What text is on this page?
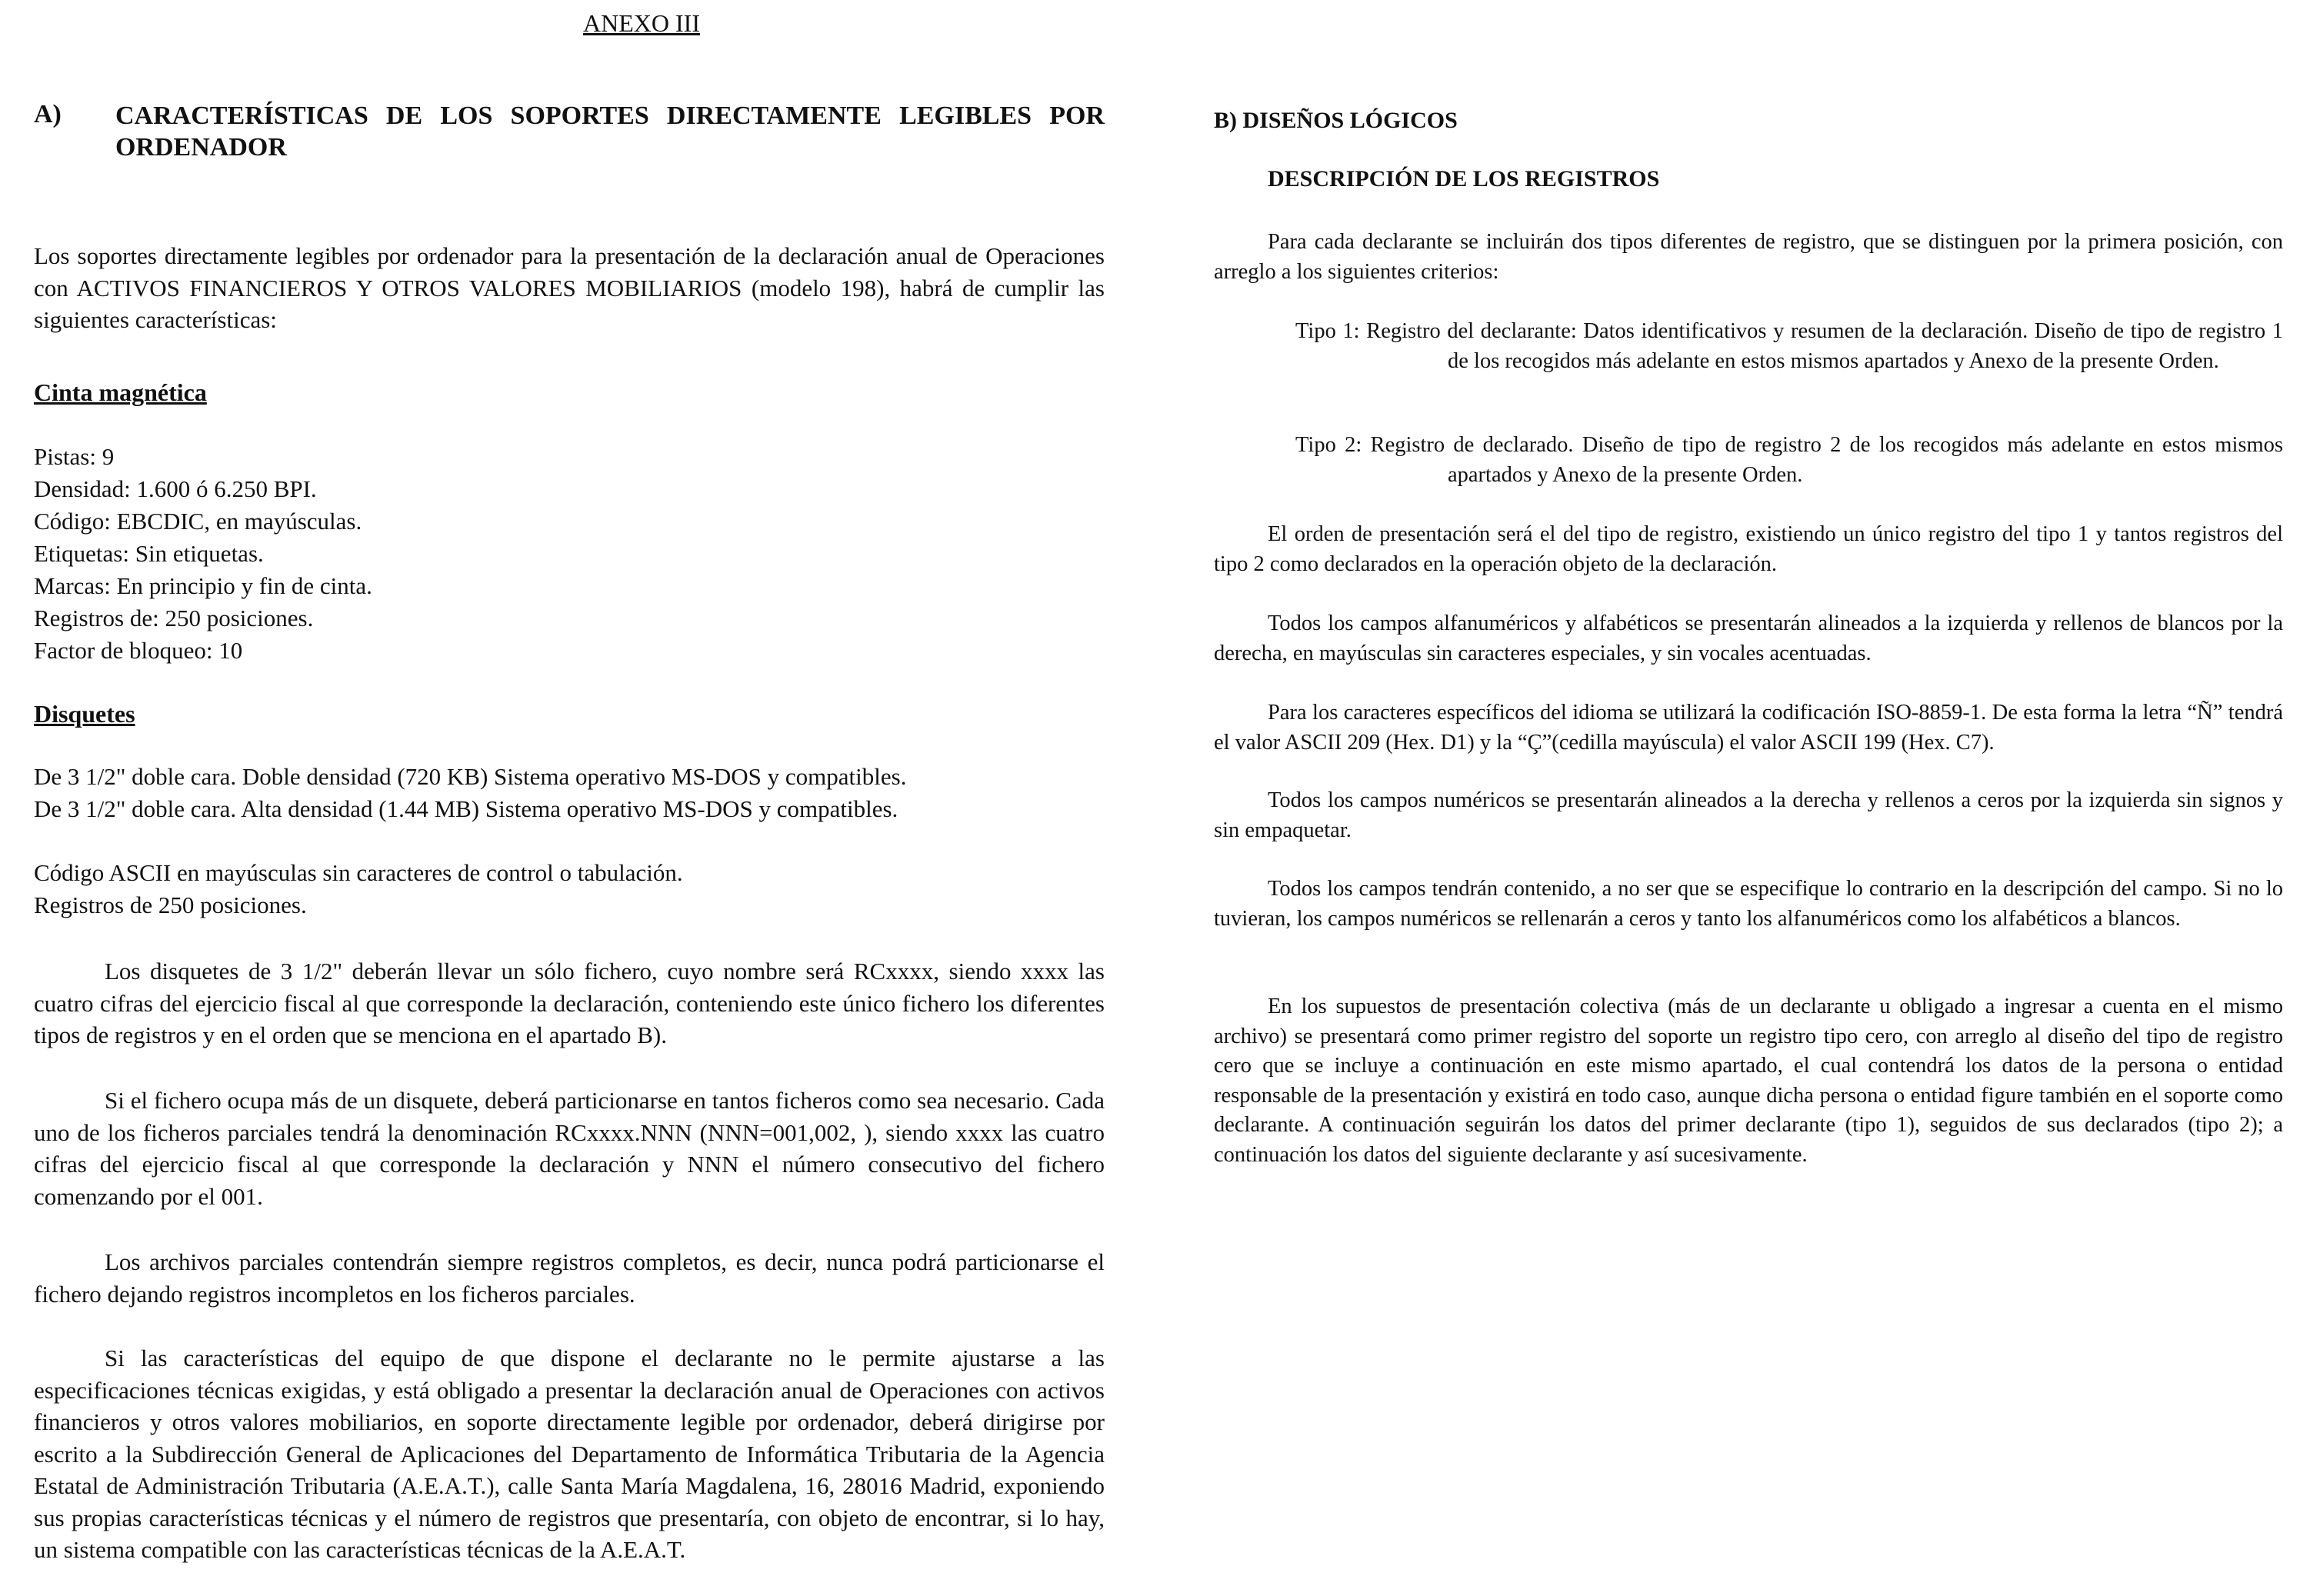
ANEXO III
A) CARACTERÍSTICAS DE LOS SOPORTES DIRECTAMENTE LEGIBLES POR ORDENADOR

Los soportes directamente legibles por ordenador para la presentación de la declaración anual de Operaciones con ACTIVOS FINANCIEROS Y OTROS VALORES MOBILIARIOS (modelo 198), habrá de cumplir las siguientes características:

Cinta magnética
Pistas: 9
Densidad: 1.600 ó 6.250 BPI.
Código: EBCDIC, en mayúsculas.
Etiquetas: Sin etiquetas.
Marcas: En principio y fin de cinta.
Registros de: 250 posiciones.
Factor de bloqueo: 10
Disquetes
De 3 1/2" doble cara. Doble densidad (720 KB) Sistema operativo MS-DOS y compatibles.
De 3 1/2" doble cara. Alta densidad (1.44 MB) Sistema operativo MS-DOS y compatibles.
Código ASCII en mayúsculas sin caracteres de control o tabulación.
Registros de 250 posiciones.

Los disquetes de 3 1/2" deberán llevar un sólo fichero, cuyo nombre será RCxxxx, siendo xxxx las cuatro cifras del ejercicio fiscal al que corresponde la declaración, conteniendo este único fichero los diferentes tipos de registros y en el orden que se menciona en el apartado B).

Si el fichero ocupa más de un disquete, deberá particionarse en tantos ficheros como sea necesario. Cada uno de los ficheros parciales tendrá la denominación RCxxxx.NNN (NNN=001,002, ), siendo xxxx las cuatro cifras del ejercicio fiscal al que corresponde la declaración y NNN el número consecutivo del fichero comenzando por el 001.

Los archivos parciales contendrán siempre registros completos, es decir, nunca podrá particionarse el fichero dejando registros incompletos en los ficheros parciales.

Si las características del equipo de que dispone el declarante no le permite ajustarse a las especificaciones técnicas exigidas, y está obligado a presentar la declaración anual de Operaciones con activos financieros y otros valores mobiliarios, en soporte directamente legible por ordenador, deberá dirigirse por escrito a la Subdirección General de Aplicaciones del Departamento de Informática Tributaria de la Agencia Estatal de Administración Tributaria (A.E.A.T.), calle Santa María Magdalena, 16, 28016 Madrid, exponiendo sus propias características técnicas y el número de registros que presentaría, con objeto de encontrar, si lo hay, un sistema compatible con las características técnicas de la A.E.A.T.

B) DISEÑOS LÓGICOS
DESCRIPCIÓN DE LOS REGISTROS

Para cada declarante se incluirán dos tipos diferentes de registro, que se distinguen por la primera posición, con arreglo a los siguientes criterios:

Tipo 1: Registro del declarante: Datos identificativos y resumen de la declaración. Diseño de tipo de registro 1 de los recogidos más adelante en estos mismos apartados y Anexo de la presente Orden.
Tipo 2: Registro de declarado. Diseño de tipo de registro 2 de los recogidos más adelante en estos mismos apartados y Anexo de la presente Orden.

El orden de presentación será el del tipo de registro, existiendo un único registro del tipo 1 y tantos registros del tipo 2 como declarados en la operación objeto de la declaración.

Todos los campos alfanuméricos y alfabéticos se presentarán alineados a la izquierda y rellenos de blancos por la derecha, en mayúsculas sin caracteres especiales, y sin vocales acentuadas.

Para los caracteres específicos del idioma se utilizará la codificación ISO-8859-1. De esta forma la letra “Ñ” tendrá el valor ASCII 209 (Hex. D1) y la “Ç”(cedilla mayúscula) el valor ASCII 199 (Hex. C7).

Todos los campos numéricos se presentarán alineados a la derecha y rellenos a ceros por la izquierda sin signos y sin empaquetar.

Todos los campos tendrán contenido, a no ser que se especifique lo contrario en la descripción del campo. Si no lo tuvieran, los campos numéricos se rellenarán a ceros y tanto los alfanuméricos como los alfabéticos a blancos.

En los supuestos de presentación colectiva (más de un declarante u obligado a ingresar a cuenta en el mismo archivo) se presentará como primer registro del soporte un registro tipo cero, con arreglo al diseño del tipo de registro cero que se incluye a continuación en este mismo apartado, el cual contendrá los datos de la persona o entidad responsable de la presentación y existirá en todo caso, aunque dicha persona o entidad figure también en el soporte como declarante. A continuación seguirán los datos del primer declarante (tipo 1), seguidos de sus declarados (tipo 2); a continuación los datos del siguiente declarante y así sucesivamente.
